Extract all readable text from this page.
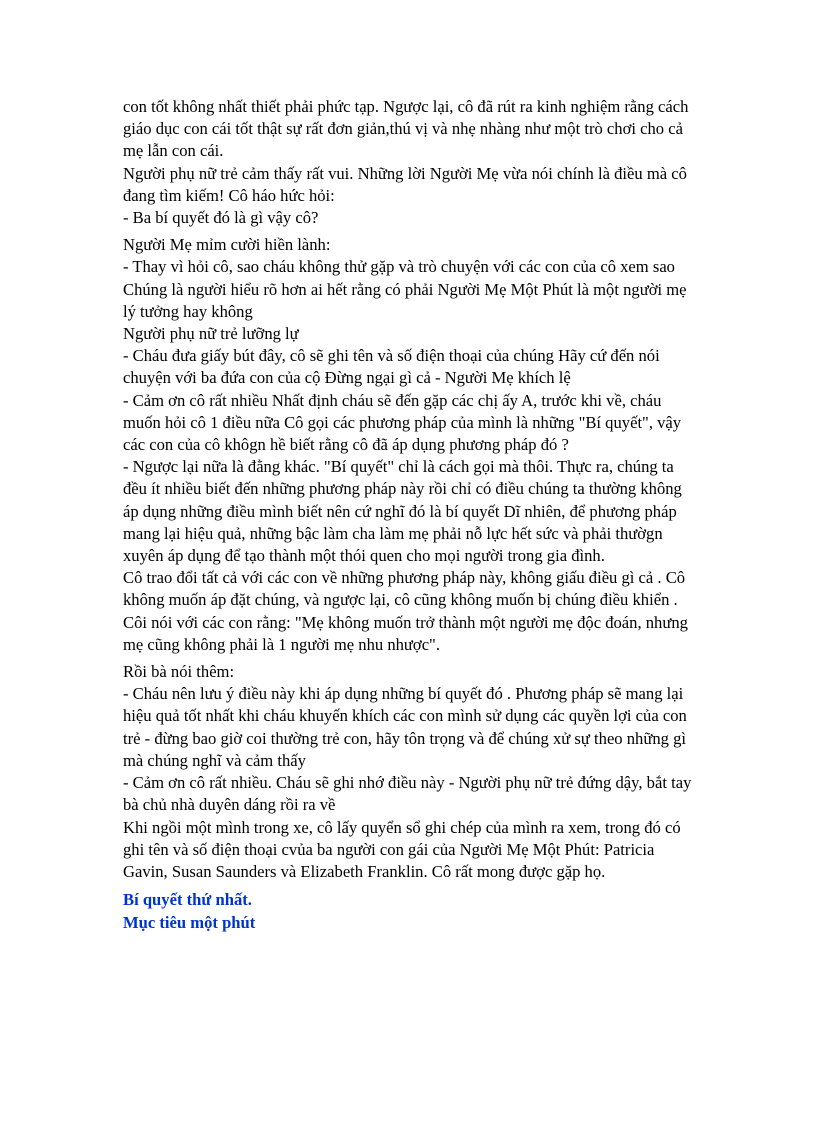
con tốt không nhất thiết phải phức tạp. Ngược lại, cô đã rút ra kinh nghiệm rằng cách giáo dục con cái tốt thật sự rất đơn giản,thú vị và nhẹ nhàng như một trò chơi cho cả mẹ lẫn con cái.

Người phụ nữ trẻ cảm thấy rất vui. Những lời Người Mẹ vừa nói chính là điều mà cô đang tìm kiếm! Cô háo hức hỏi:

- Ba bí quyết đó là gì vậy cô?

Người Mẹ mỉm cười hiền lành:

- Thay vì hỏi cô, sao cháu không thử gặp và trò chuyện với các con của cô xem sao Chúng là người hiểu rõ hơn ai hết rằng có phải Người Mẹ Một Phút là một người mẹ lý tưởng hay không

Người phụ nữ trẻ lưỡng lự

- Cháu đưa giấy bút đây, cô sẽ ghi tên và số điện thoại của chúng Hãy cứ đến nói chuyện với ba đứa con của cộ Đừng ngại gì cả - Người Mẹ khích lệ

- Cảm ơn cô rất nhiều Nhất định cháu sẽ đến gặp các chị ấy A, trước khi về, cháu muốn hỏi cô 1 điều nữa Cô gọi các phương pháp của mình là những "Bí quyết", vậy các con của cô khôgn hề biết rằng cô đã áp dụng phương pháp đó ?

- Ngược lại nữa là đằng khác. "Bí quyết" chỉ là cách gọi mà thôi. Thực ra, chúng ta đều ít nhiều biết đến những phương pháp này rồi chỉ có điều chúng ta thường không áp dụng những điều mình biết nên cứ nghĩ đó là bí quyết Dĩ nhiên, để phương pháp mang lại hiệu quả, những bậc làm cha làm mẹ phải nỗ lực hết sức và phải thườgn xuyên áp dụng để tạo thành một thói quen cho mọi người trong gia đình.

Cô trao đổi tất cả với các con về những phương pháp này, không giấu điều gì cả . Cô không muốn áp đặt chúng, và ngược lại, cô cũng không muốn bị chúng điều khiển . Côi nói với các con rằng: "Mẹ không muốn trở thành một người mẹ độc đoán, nhưng mẹ cũng không phải là 1 người mẹ nhu nhược".

Rồi bà nói thêm:

- Cháu nên lưu ý điều này khi áp dụng những bí quyết đó . Phương pháp sẽ mang lại hiệu quả tốt nhất khi cháu khuyến khích các con mình sử dụng các quyền lợi của con trẻ - đừng bao giờ coi thường trẻ con, hãy tôn trọng và để chúng xử sự theo những gì mà chúng nghĩ và cảm thấy

- Cảm ơn cô rất nhiều. Cháu sẽ ghi nhớ điều này - Người phụ nữ trẻ đứng dậy, bắt tay bà chủ nhà duyên dáng rồi ra về

Khi ngồi một mình trong xe, cô lấy quyển sổ ghi chép của mình ra xem, trong đó có ghi tên và số điện thoại cvủa ba người con gái của Người Mẹ Một Phút: Patricia Gavin, Susan Saunders và Elizabeth Franklin. Cô rất mong được gặp họ.

Bí quyết thứ nhất.

Mục tiêu một phút
